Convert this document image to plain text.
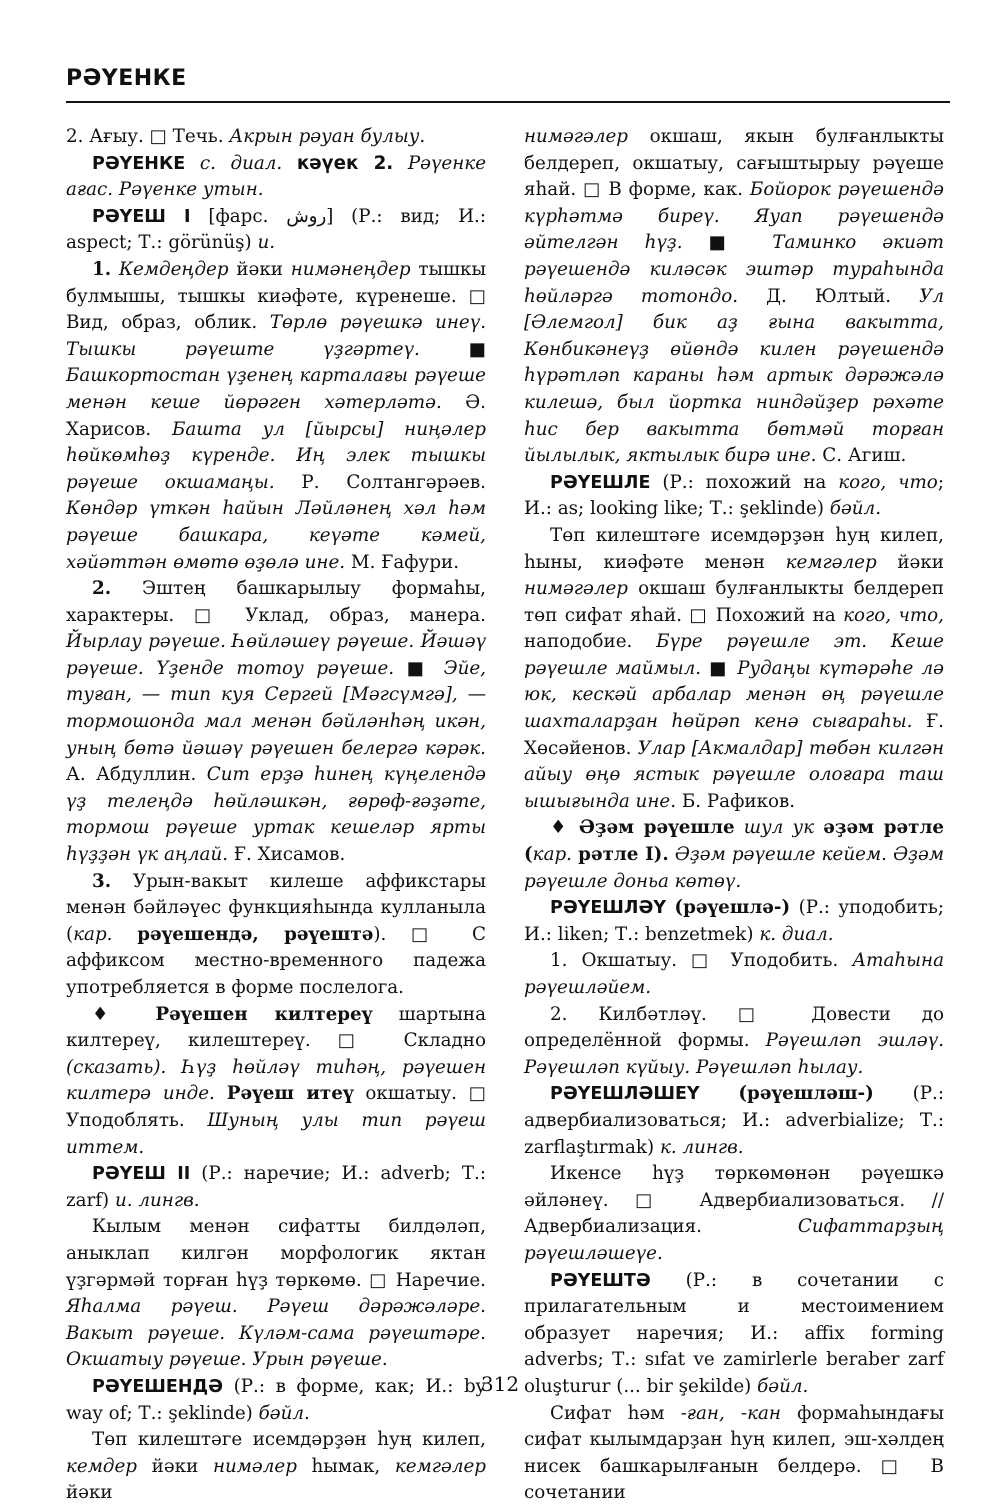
РӘҮЕНКЕ

2. Ағыу. □ Течь. Акрын рәуан булыу.

РӘҮЕНКЕ с. диал. кәүек 2. Рәүенке ағас. Рәүенке утын.

РӘҮЕШ I [фарс. روش] (Р.: вид; И.: aspect; Т.: görünüş) и.

1. Кемдеңдер йәки нимәнеңдер тышкы булмышы, тышкы киәфәте, күренеше. □ Вид, образ, облик. Төрлө рәүешкә инеү. Тышкы рәүеште үҙгәртеү. ■ Башкортостан үҙенең карталағы рәүеше менән кеше йөрәген хәтерләтә. Ә. Харисов. Башта ул [йырсы] ниңәлер һөйкөмһөҙ күренде. Иң элек тышкы рәүеше окшамаңы. Р. Солтангәрәев. Көндәр үткән һайын Ләйләнең хәл һәм рәүеше башкара, кеүәте кәмей, хәйәттән өмөтө өҙөлә ине. М. Ғафури.

2. Эштең башкарылыу формаһы, характеры. □ Уклад, образ, манера. Йырлау рәүеше. Һөйләшеү рәүеше. Йәшәү рәүеше. Үҙенде тотоу рәүеше. ■ Эйе, туған, — тип куя Сергей [Мәгсүмгә], — тормошонда мал менән бәйләнһәң икән, уның бөтә йәшәү рәүешен белергә кәрәк. А. Абдуллин. Сит ерҙә һинең күңелендә үҙ телеңдә һөйләшкән, ғөрөф-ғәҙәте, тормош рәүеше уртак кешеләр ярты һүҙҙән үк аңлай. Ғ. Хисамов.

3. Урын-вакыт килеше аффикстары менән бәйләүес функцияһында кулланыла (кар. рәүешендә, рәүештә). □ С аффиксом местно-временного падежа употребляется в форме послелога.

♦ Рәүешен килтереү шартына килтереү, килештереү. □ Складно (сказать). Һүҙ һөйләү тиһәң, рәүешен килтерә инде. Рәүеш итеү окшатыу. □ Уподоблять. Шуның улы тип рәүеш иттем.

РӘҮЕШ II (Р.: наречие; И.: adverb; Т.: zarf) и. лингв.

Кылым менән сифатты билдәләп, аныклап килгән морфологик яктан үҙгәрмәй торған һүҙ төркөмө. □ Наречие. Яһалма рәүеш. Рәүеш дәрәжәләре. Вакыт рәүеше. Күләм-сама рәүештәре. Окшатыу рәүеше. Урын рәүеше.

РӘҮЕШЕНДӘ (Р.: в форме, как; И.: by way of; Т.: şeklinde) бәйл.

Төп килештәге исемдәрҙән һуң килеп, кемдер йәки нимәлер һымак, кемгәлер йәки

нимәгәлер окшаш, якын булғанлыкты белдереп, окшатыу, сағыштырыу рәүеше яһай. □ В форме, как. Бойорок рәүешендә күрһәтмә биреү. Яуап рәүешендә әйтелгән һүҙ. ■ Таминко әкиәт рәүешендә киләсәк эштәр тураһында һөйләргә тотондо. Д. Юлтый. Ул [Әлемгол] бик аҙ ғына вакытта, Көнбикәнеүҙ өйөндә килен рәүешендә һүрәтләп караны һәм артык дәрәжәлә килешә, был йортка ниндәйҙер рәхәте һис бер вакытта бөтмәй торған йылылык, яктылык бирә ине. С. Агиш.

РӘҮЕШЛЕ (Р.: похожий на кого, что; И.: as; looking like; Т.: şeklinde) бәйл.

Төп килештәге исемдәрҙән һуң килеп, һыны, киәфәте менән кемгәлер йәки нимәгәлер окшаш булғанлыкты белдереп төп сифат яһай. □ Похожий на кого, что, наподобие. Бүре рәүешле эт. Кеше рәүешле маймыл. ■ Рудаңы күтәрәһе лә юк, кескәй арбалар менән өң рәүешле шахталарҙан һөйрәп кенә сығараһы. Ғ. Хөсәйенов. Улар [Акмалдар] төбән килгән айыу өңө ястык рәүешле олоғара таш ышығында ине. Б. Рафиков.

♦ Әҙәм рәүешле шул ук әҙәм рәтле (кар. рәтле I). Әҙәм рәүешле кейем. Әҙәм рәүешле доньа көтөү.

РӘҮЕШЛӘҮ (рәүешлә-) (Р.: уподобить; И.: liken; Т.: benzetmek) к. диал.

1. Окшатыу. □ Уподобить. Атаһына рәүешләйем.

2. Килбәтләү. □ Довести до определённой формы. Рәүешләп эшләү. Рәүешләп күйыу. Рәүешләп һылау.

РӘҮЕШЛӘШЕҮ (рәүешләш-) (Р.: адвербиализоваться; И.: adverbialize; Т.: zarflaştırmak) к. лингв.

Икенсе һүҙ төркөмөнән рәүешкә әйләнеү. □ Адвербиализоваться. // Адвербиализация. Сифаттарҙың рәүешләшеүе.

РӘҮЕШТӘ (Р.: в сочетании с прилагательным и местоимением образует наречия; И.: affix forming adverbs; Т.: sıfat ve zamirlerle beraber zarf oluşturur (... bir şekilde) бәйл.

Сифат һәм -ған, -кан формаһындағы сифат кылымдарҙан һуң килеп, эш-хәлдең нисек башкарылғанын белдерә. □ В сочетании

312
